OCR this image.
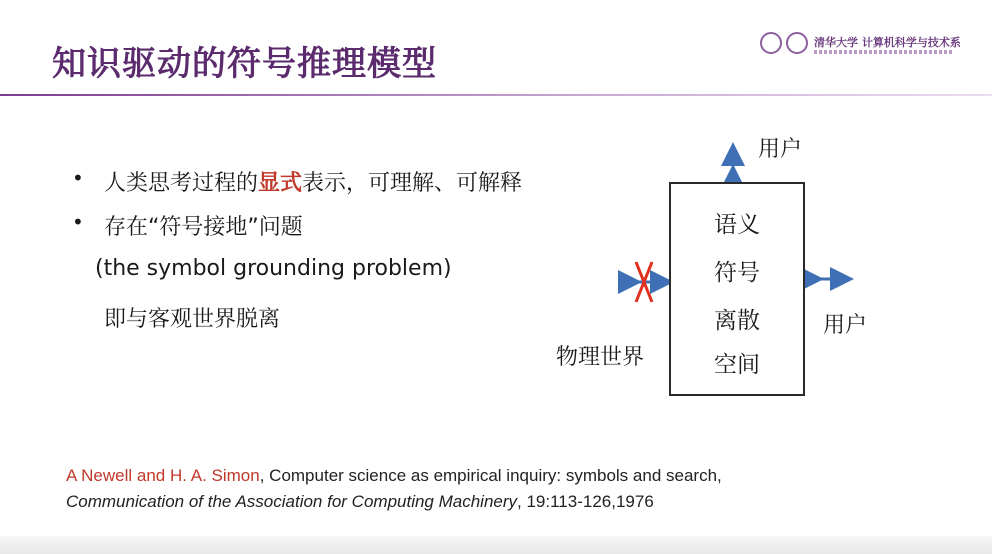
知识驱动的符号推理模型
清华大学 计算机科学与技术系
• 人类思考过程的显式表示，可理解、可解释
• 存在“符号接地”问题
(the symbol grounding problem)
即与客观世界脱离
语义
符号
离散
空间
用户
用户
物理世界
A Newell and H. A. Simon, Computer science as empirical inquiry: symbols and search,
Communication of the Association for Computing Machinery, 19:113-126,1976
